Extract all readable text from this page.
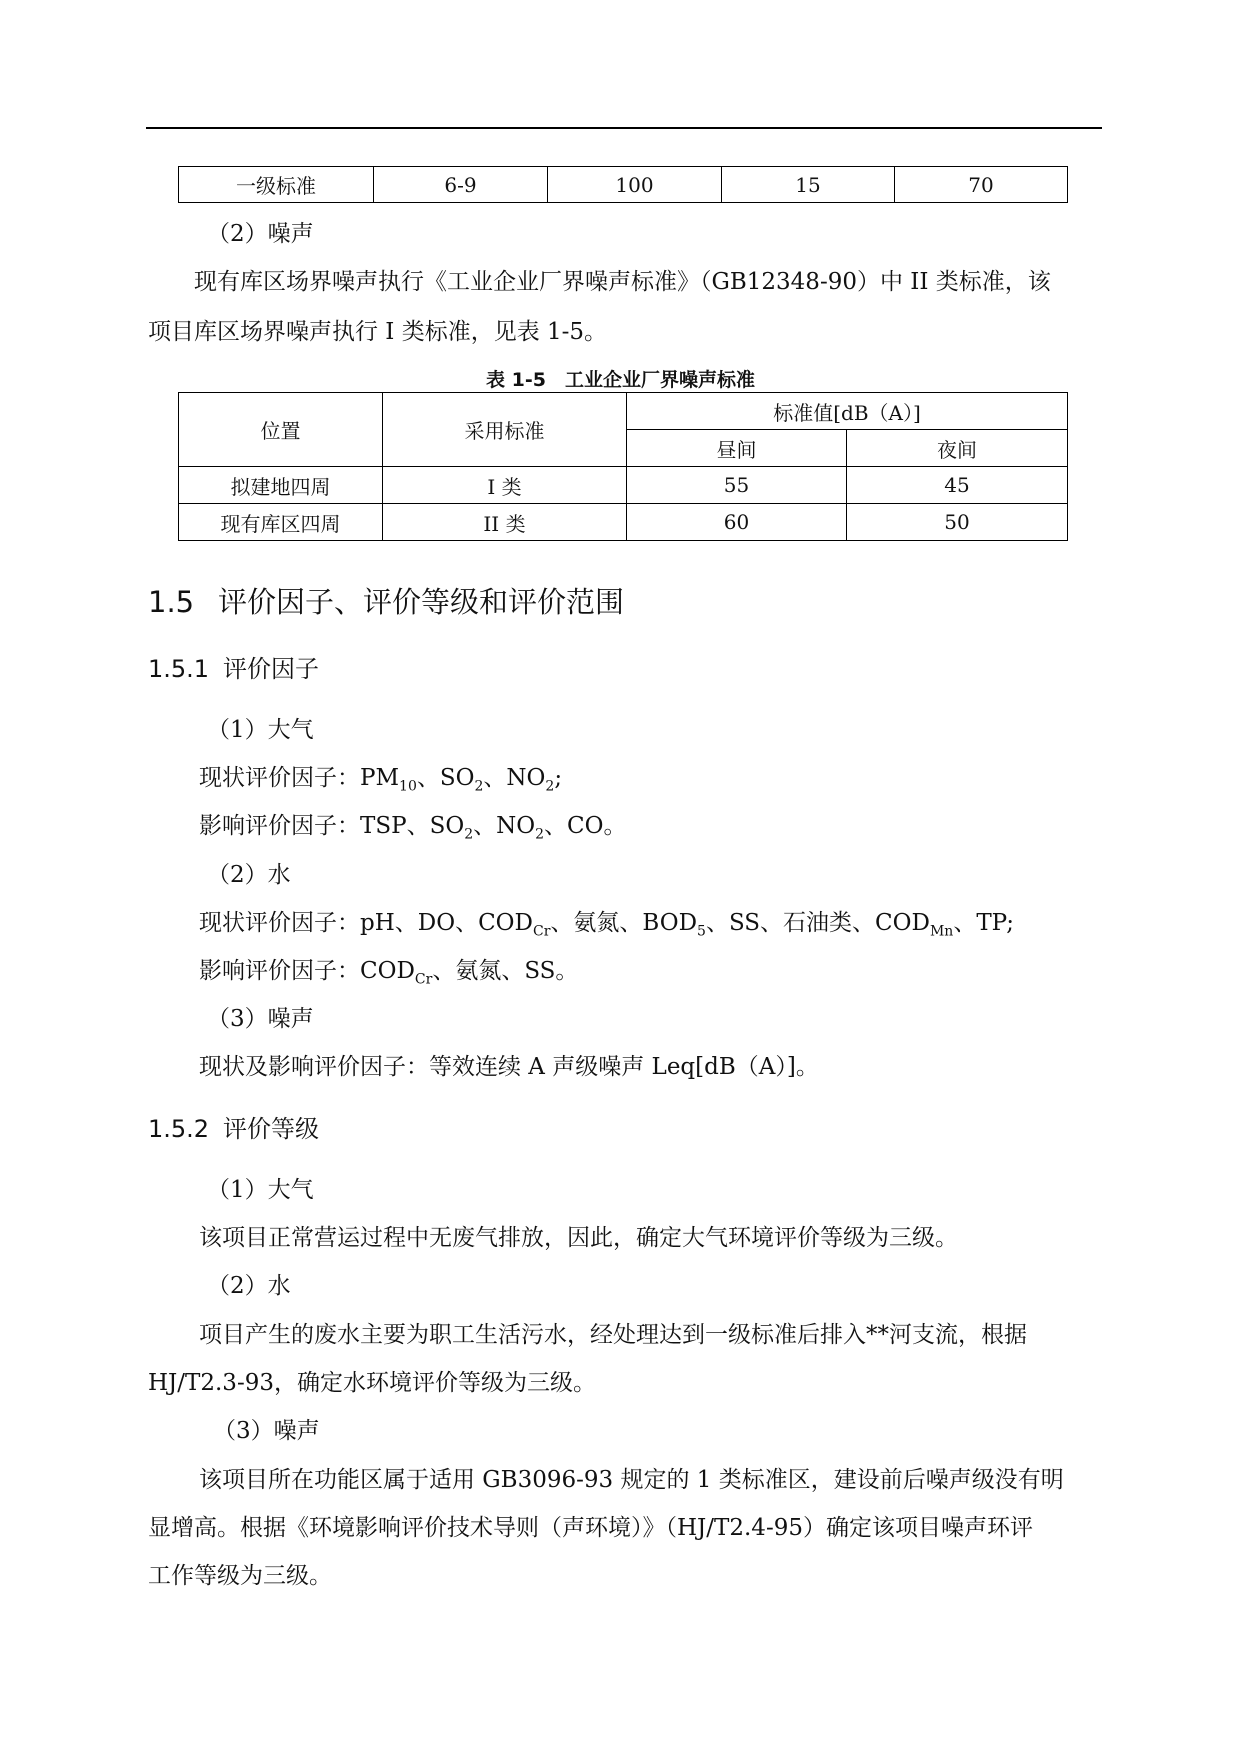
一级标准	6-9	100	15	70
（2）噪声
现有库区场界噪声执行《工业企业厂界噪声标准》（GB12348-90）中 II 类标准，该
项目库区场界噪声执行 I 类标准，见表 1-5。
表 1-5　工业企业厂界噪声标准
位置	采用标准	标准值[dB（A）]	
		昼间	夜间
拟建地四周	I 类	55	45
现有库区四周	II 类	60	50
1.5 评价因子、评价等级和评价范围
1.5.1 评价因子
（1）大气
现状评价因子：$PM_{10}$、$SO_2$、$NO_2$;
影响评价因子：TSP、$SO_2$、$NO_2$、CO。
（2）水
现状评价因子：pH、DO、$COD_{Cr}$、氨氮、$BOD_5$、SS、石油类、$COD_{Mn}$、TP;
影响评价因子：$COD_{Cr}$、氨氮、SS。
（3）噪声
现状及影响评价因子：等效连续 A 声级噪声 Leq[dB（A）]。
1.5.2 评价等级
（1）大气
该项目正常营运过程中无废气排放，因此，确定大气环境评价等级为三级。
（2）水
项目产生的废水主要为职工生活污水，经处理达到一级标准后排入**河支流，根据
HJ/T2.3-93，确定水环境评价等级为三级。
（3）噪声
该项目所在功能区属于适用 GB3096-93 规定的 1 类标准区，建设前后噪声级没有明
显增高。根据《环境影响评价技术导则（声环境）》（HJ/T2.4-95）确定该项目噪声环评
工作等级为三级。
